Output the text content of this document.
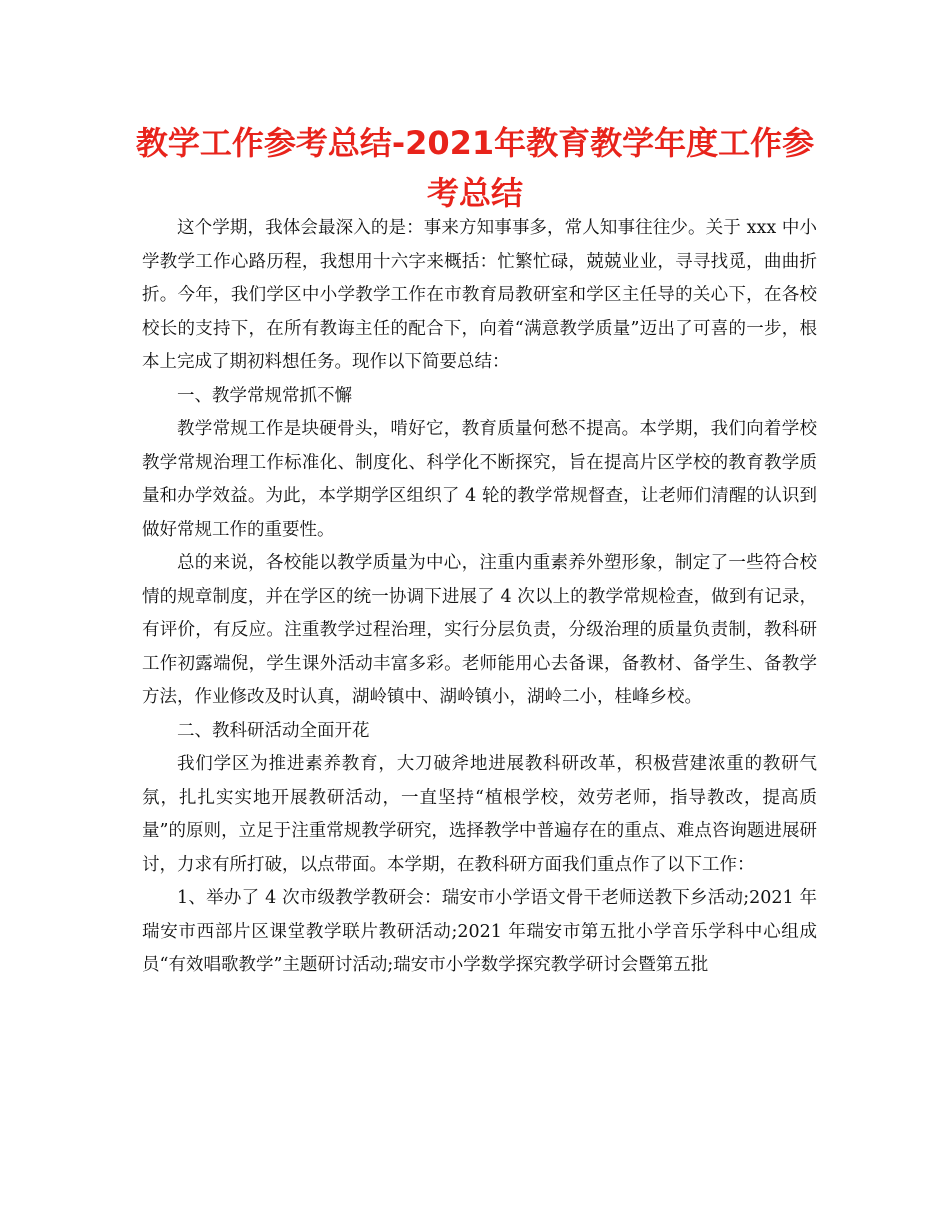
教学工作参考总结-2021年教育教学年度工作参考总结

这个学期，我体会最深入的是：事来方知事事多，常人知事往往少。关于 xxx 中小学教学工作心路历程，我想用十六字来概括：忙繁忙碌，兢兢业业，寻寻找觅，曲曲折折。今年，我们学区中小学教学工作在市教育局教研室和学区主任导的关心下，在各校校长的支持下，在所有教诲主任的配合下，向着“满意教学质量”迈出了可喜的一步，根本上完成了期初料想任务。现作以下简要总结：

一、教学常规常抓不懈

教学常规工作是块硬骨头，啃好它，教育质量何愁不提高。本学期，我们向着学校教学常规治理工作标准化、制度化、科学化不断探究，旨在提高片区学校的教育教学质量和办学效益。为此，本学期学区组织了 4 轮的教学常规督查，让老师们清醒的认识到做好常规工作的重要性。

总的来说，各校能以教学质量为中心，注重内重素养外塑形象，制定了一些符合校情的规章制度，并在学区的统一协调下进展了 4 次以上的教学常规检查，做到有记录，有评价，有反应。注重教学过程治理，实行分层负责，分级治理的质量负责制，教科研工作初露端倪，学生课外活动丰富多彩。老师能用心去备课，备教材、备学生、备教学方法，作业修改及时认真，湖岭镇中、湖岭镇小，湖岭二小，桂峰乡校。

二、教科研活动全面开花

我们学区为推进素养教育，大刀破斧地进展教科研改革，积极营建浓重的教研气氛，扎扎实实地开展教研活动，一直坚持“植根学校，效劳老师，指导教改，提高质量”的原则，立足于注重常规教学研究，选择教学中普遍存在的重点、难点咨询题进展研讨，力求有所打破，以点带面。本学期，在教科研方面我们重点作了以下工作：

1、举办了 4 次市级教学教研会：瑞安市小学语文骨干老师送教下乡活动;2021 年瑞安市西部片区课堂教学联片教研活动;2021 年瑞安市第五批小学音乐学科中心组成员“有效唱歌教学”主题研讨活动;瑞安市小学数学探究教学研讨会暨第五批
